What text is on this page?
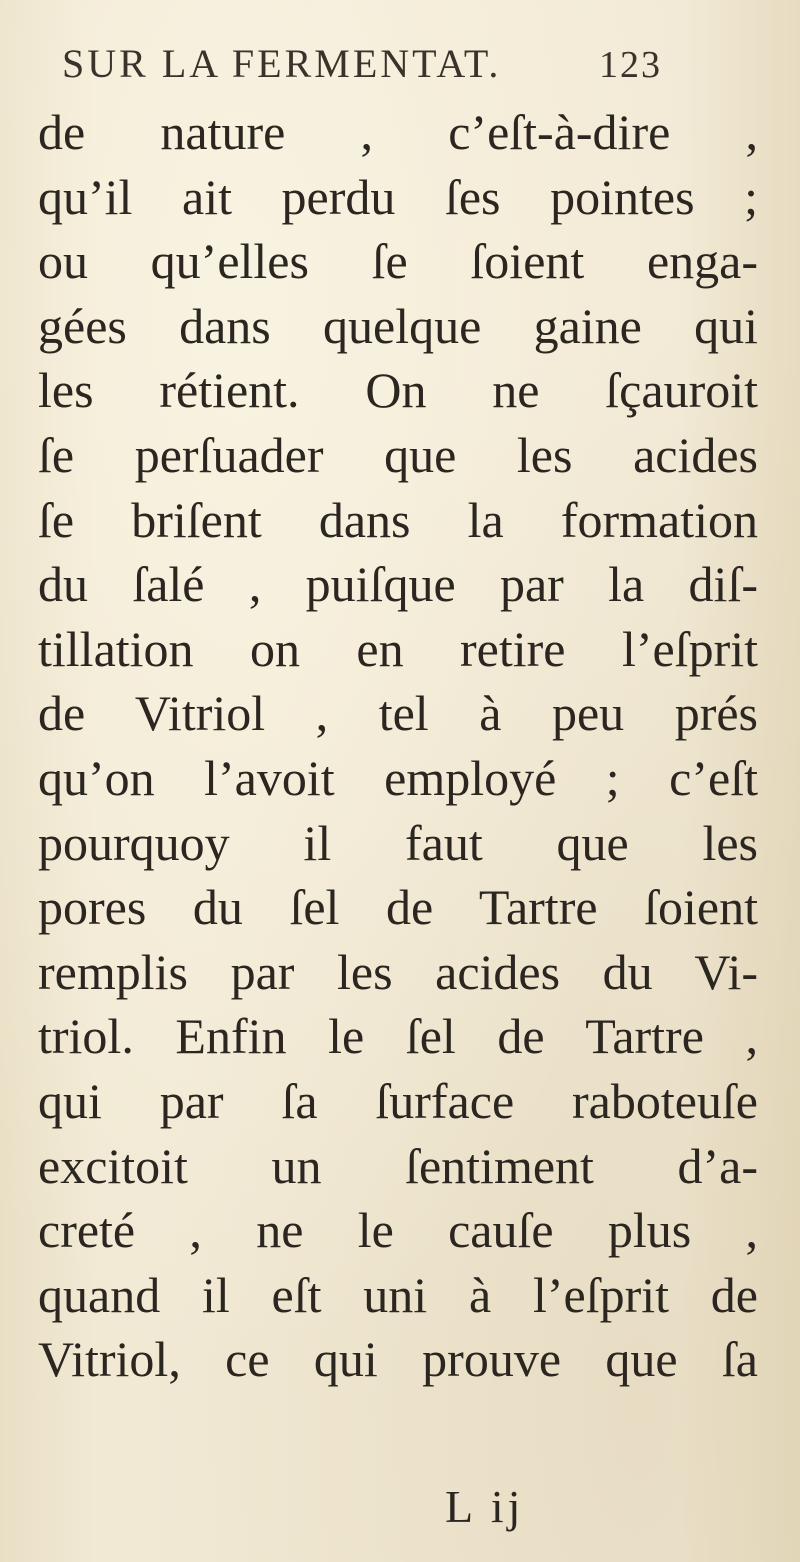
SUR LA FERMENTAT.	123
de nature , c’eſt-à-dire ,
qu’il ait perdu ſes pointes ;
ou qu’elles ſe ſoient enga-
gées dans quelque gaine qui
les rétient. On ne ſçauroit
ſe perſuader que les acides
ſe briſent dans la formation
du ſalé , puiſque par la diſ-
tillation on en retire l’eſprit
de Vitriol , tel à peu prés
qu’on l’avoit employé ; c’eſt
pourquoy il faut que les
pores du ſel de Tartre ſoient
remplis par les acides du Vi-
triol. Enfin le ſel de Tartre ,
qui par ſa ſurface raboteuſe
excitoit un ſentiment d’a-
creté , ne le cauſe plus ,
quand il eſt uni à l’eſprit de
Vitriol, ce qui prouve que ſa
L ij
